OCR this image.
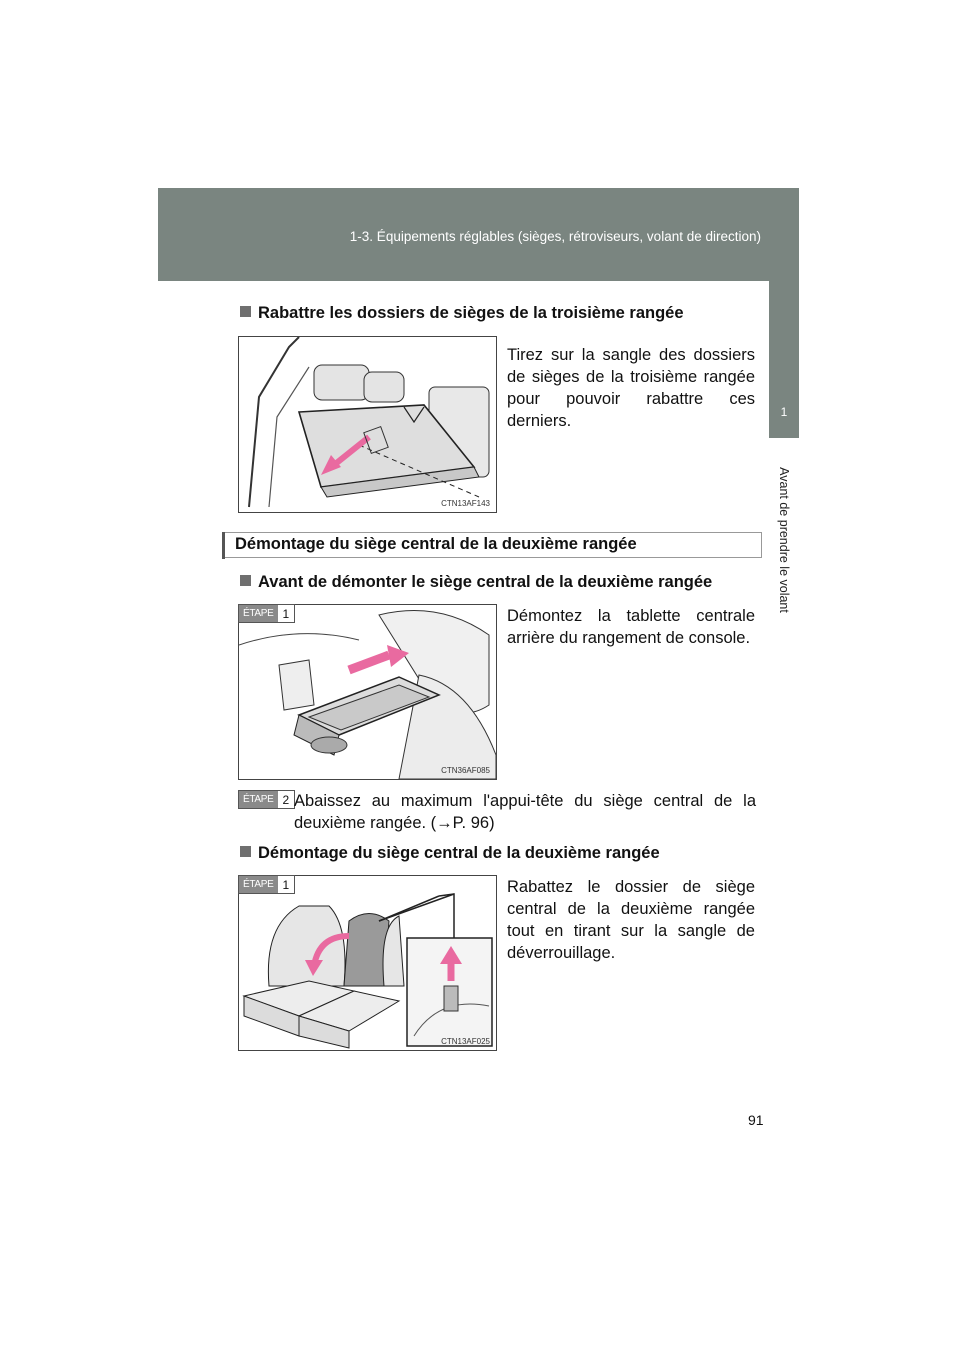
1-3. Équipements réglables (sièges, rétroviseurs, volant de direction)
1
Avant de prendre le volant
Rabattre les dossiers de sièges de la troisième rangée
CTN13AF143
Tirez sur la sangle des dossiers de sièges de la troisième rangée pour pouvoir rabattre ces derniers.
Démontage du siège central de la deuxième rangée
Avant de démonter le siège central de la deuxième rangée
CTN36AF085
ÉTAPE 1	Démontez la tablette centrale arrière du rangement de console.
ÉTAPE 2 Abaissez au maximum l'appui-tête du siège central de la deuxième rangée. (→P. 96)
Démontage du siège central de la deuxième rangée
CTN13AF025
ÉTAPE 1	Rabattez le dossier de siège central de la deuxième rangée tout en tirant sur la sangle de déverrouillage.
91
